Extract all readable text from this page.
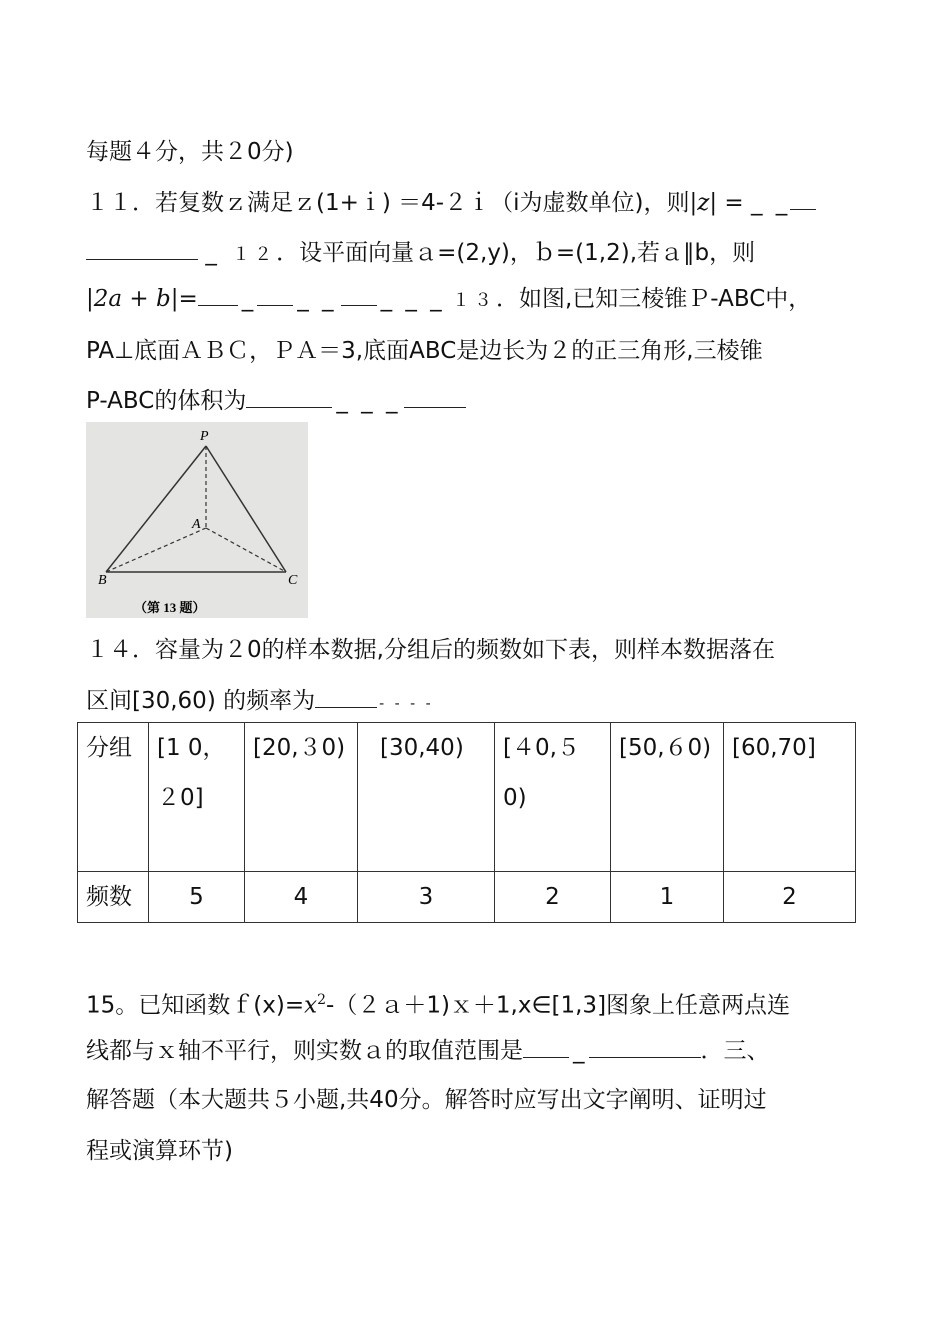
每题４分，共２0分)
１１．若复数ｚ满足ｚ(1+ｉ) ＝4-２ｉ（i为虚数单位)，则|z| = _ _
_ １２．设平面向量ａ=(2,y)，ｂ=(1,2),若ａ∥b，则
|2a + b|= _ _ _ _ _ _ １３．如图,已知三棱锥Ｐ-ABC中，
PA⊥底面ＡＢＣ，ＰＡ＝3,底面ABC是边长为２的正三角形,三棱锥
P-ABC的体积为	_ _ _
P
A
B	C
（第 13 题）
１４．容量为２0的样本数据,分组后的频数如下表，则样本数据落在
区间[30,60) 的频率为	- - - -
分组	[1 0，２0]	[20,３0)	[30,40)	[４0,５0)	[50,６0)	[60,70]
频数	5	4	3	2	1	2
15。已知函数$f(x)=x^2-(2a+1)x+1,x\in[1,3]$图象上任意两点连
线都与ｘ轴不平行，则实数ａ的取值范围是 _	．三、
解答题（本大题共５小题,共40分。解答时应写出文字阐明、证明过
程或演算环节)
